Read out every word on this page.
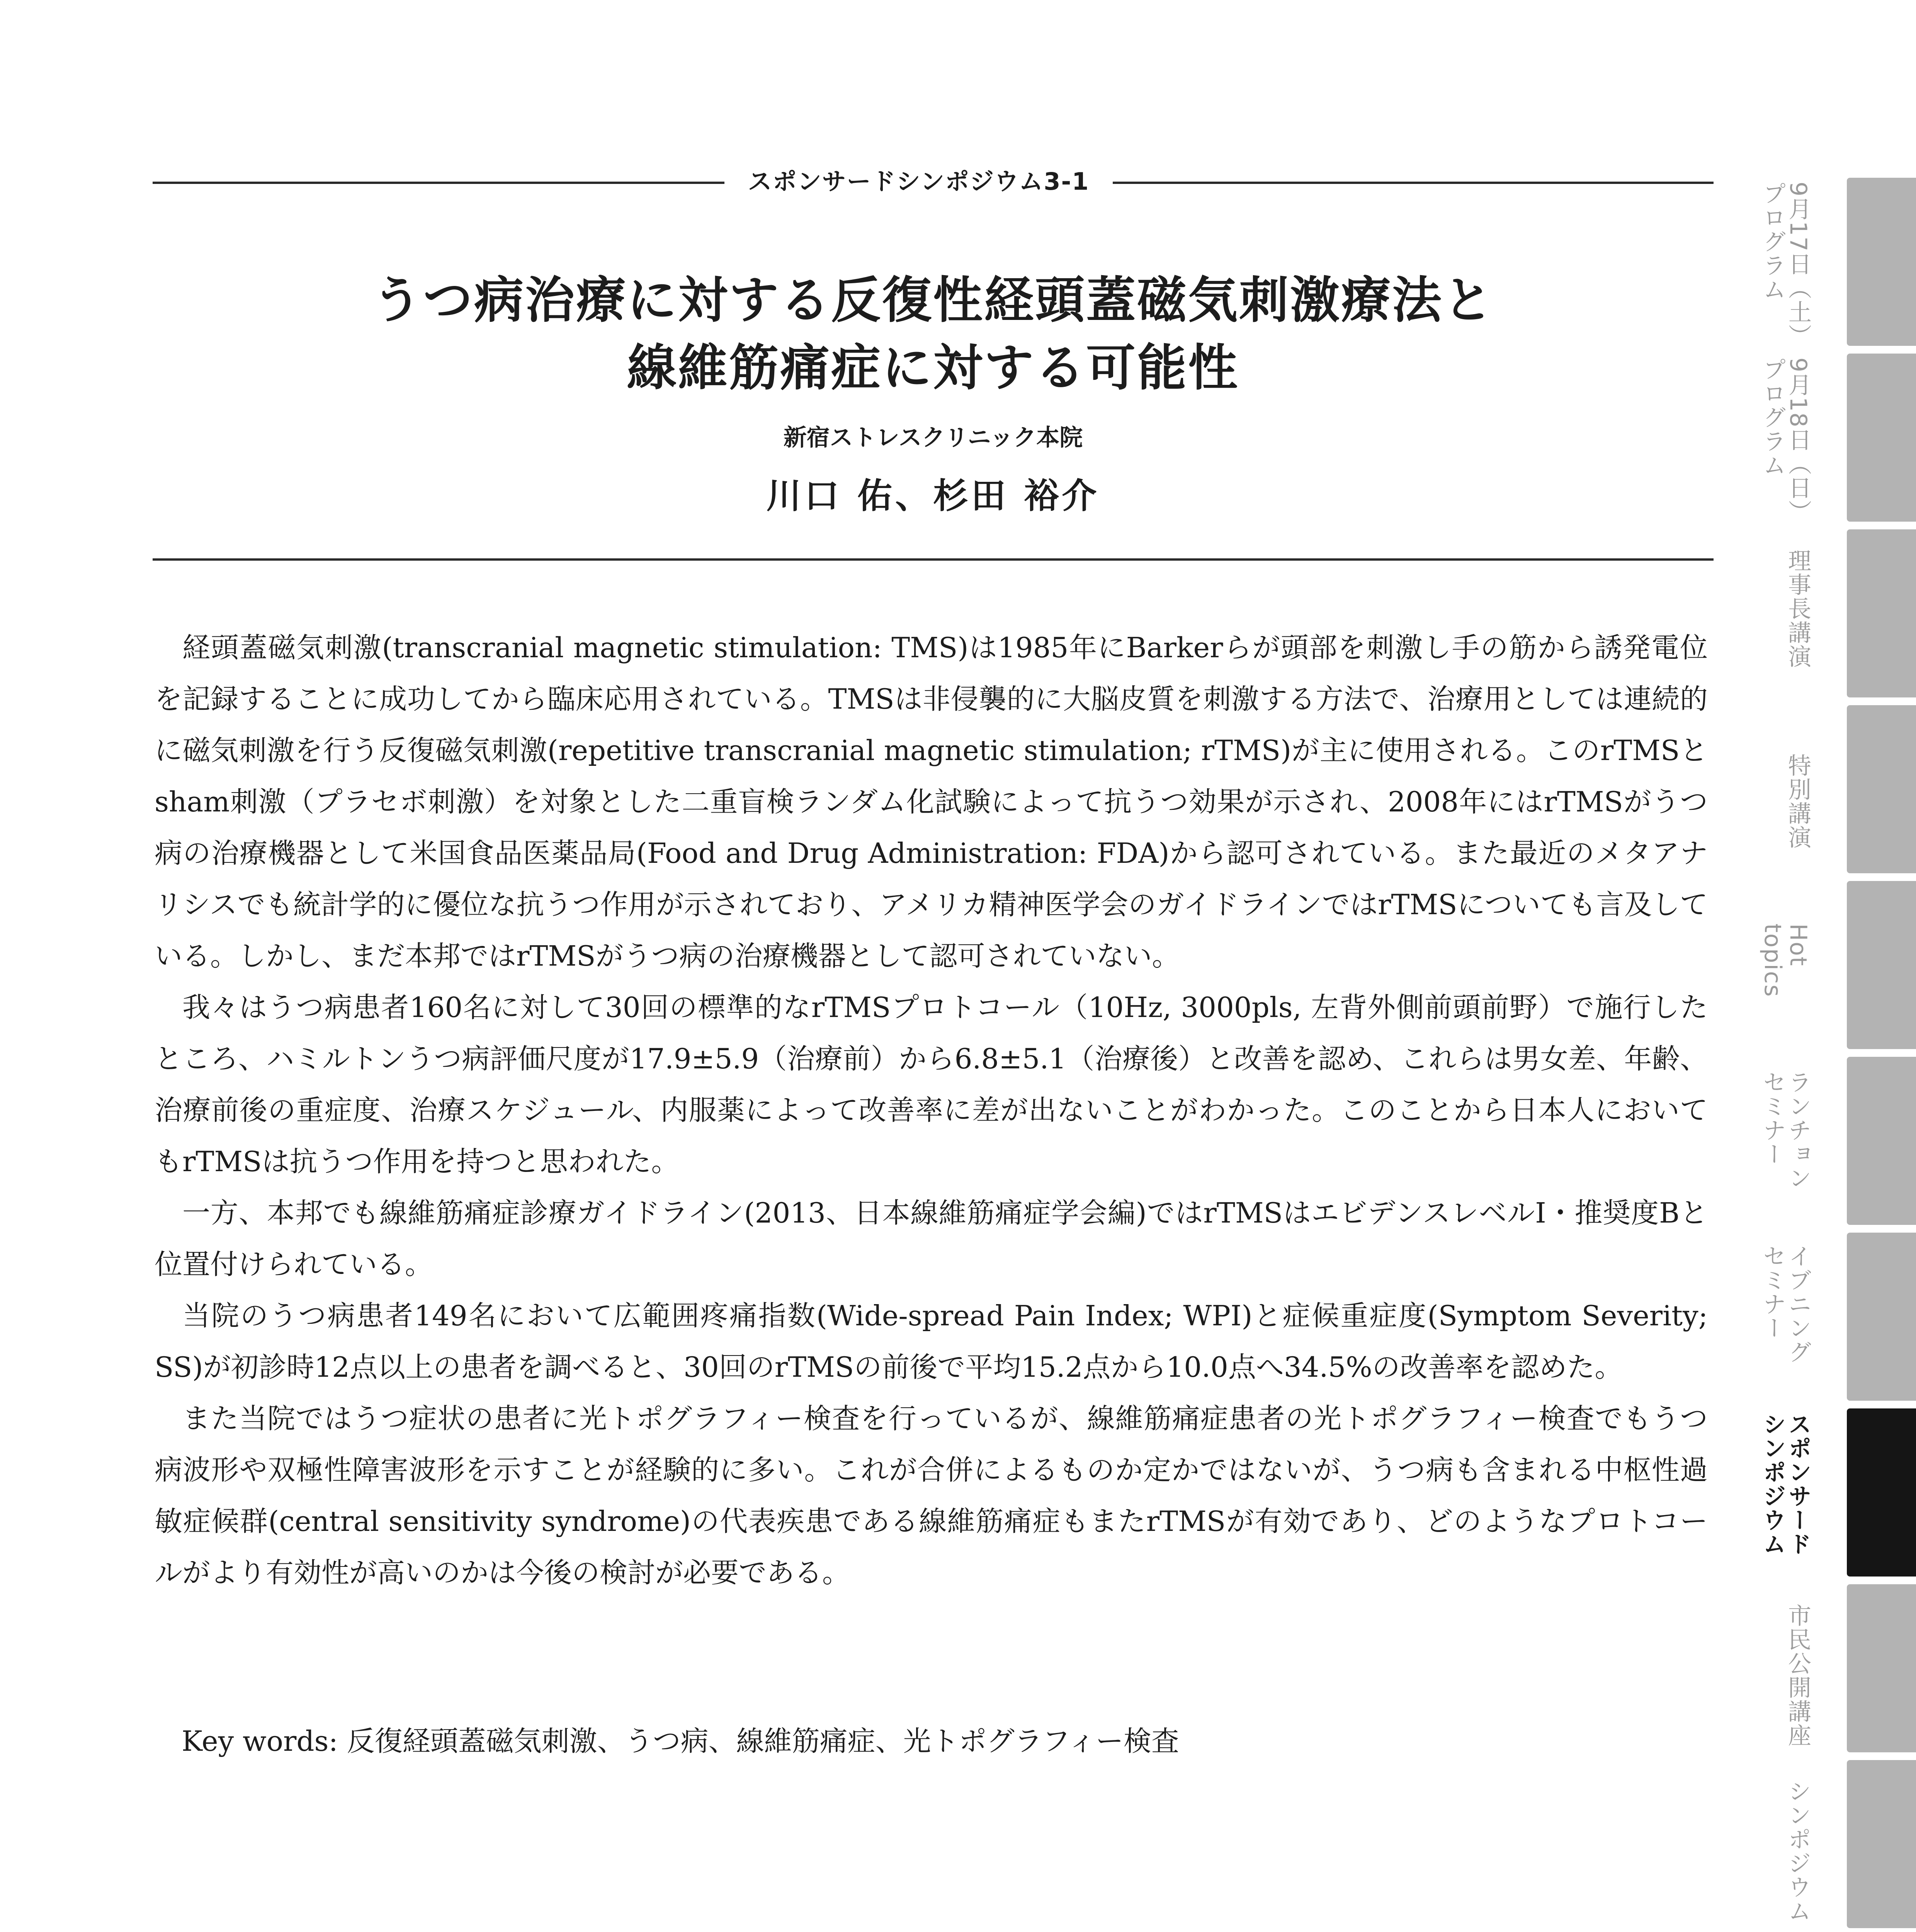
スポンサードシンポジウム3-1
うつ病治療に対する反復性経頭蓋磁気刺激療法と
線維筋痛症に対する可能性
新宿ストレスクリニック本院
川口 佑、杉田 裕介

経頭蓋磁気刺激(transcranial magnetic stimulation: TMS)は1985年にBarkerらが頭部を刺激し手の筋から誘発電位を記録することに成功してから臨床応用されている。TMSは非侵襲的に大脳皮質を刺激する方法で、治療用としては連続的に磁気刺激を行う反復磁気刺激(repetitive transcranial magnetic stimulation; rTMS)が主に使用される。このrTMSとsham刺激（プラセボ刺激）を対象とした二重盲検ランダム化試験によって抗うつ効果が示され、2008年にはrTMSがうつ病の治療機器として米国食品医薬品局(Food and Drug Administration: FDA)から認可されている。また最近のメタアナリシスでも統計学的に優位な抗うつ作用が示されており、アメリカ精神医学会のガイドラインではrTMSについても言及している。しかし、まだ本邦ではrTMSがうつ病の治療機器として認可されていない。

我々はうつ病患者160名に対して30回の標準的なrTMSプロトコール（10Hz, 3000pls, 左背外側前頭前野）で施行したところ、ハミルトンうつ病評価尺度が17.9±5.9（治療前）から6.8±5.1（治療後）と改善を認め、これらは男女差、年齢、治療前後の重症度、治療スケジュール、内服薬によって改善率に差が出ないことがわかった。このことから日本人においてもrTMSは抗うつ作用を持つと思われた。

一方、本邦でも線維筋痛症診療ガイドライン(2013、日本線維筋痛症学会編)ではrTMSはエビデンスレベルⅠ・推奨度Bと位置付けられている。

当院のうつ病患者149名において広範囲疼痛指数(Wide-spread Pain Index; WPI)と症候重症度(Symptom Severity; SS)が初診時12点以上の患者を調べると、30回のrTMSの前後で平均15.2点から10.0点へ34.5%の改善率を認めた。

また当院ではうつ症状の患者に光トポグラフィー検査を行っているが、線維筋痛症患者の光トポグラフィー検査でもうつ病波形や双極性障害波形を示すことが経験的に多い。これが合併によるものか定かではないが、うつ病も含まれる中枢性過敏症候群(central sensitivity syndrome)の代表疾患である線維筋痛症もまたrTMSが有効であり、どのようなプロトコールがより有効性が高いのかは今後の検討が必要である。

Key words: 反復経頭蓋磁気刺激、うつ病、線維筋痛症、光トポグラフィー検査
9月17日（土）
プログラム
9月18日（日）
プログラム
理事長講演
特別講演
Hot
topics
ランチョン
セミナー
イブニング
セミナー
スポンサード
シンポジウム
市民公開講座
シンポジウム
